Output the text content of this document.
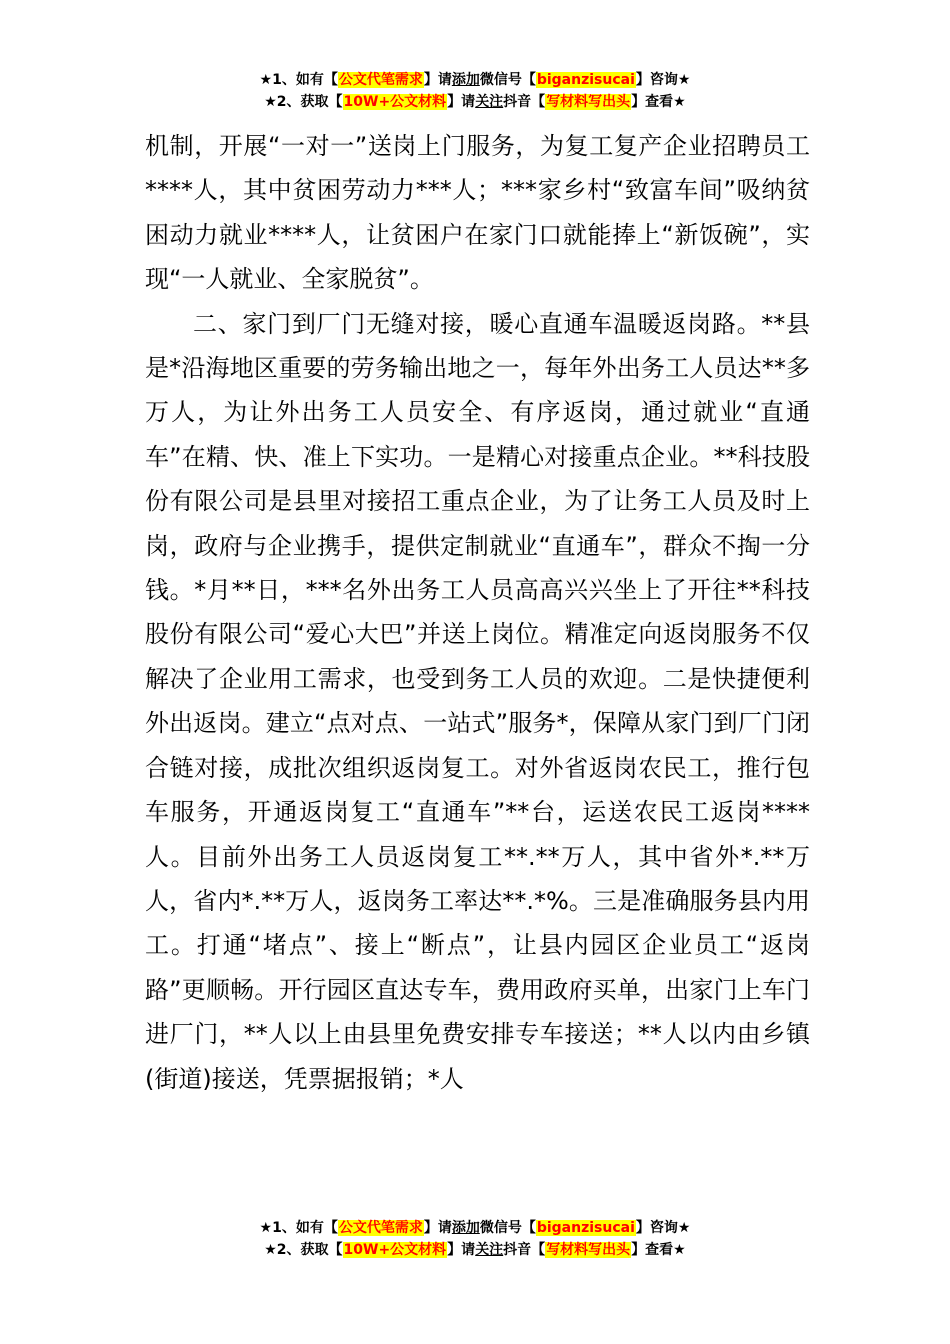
★1、如有【公文代笔需求】请添加微信号【biganzisucai】咨询★
★2、获取【10W+公文材料】请关注抖音【写材料写出头】查看★

机制，开展“一对一”送岗上门服务，为复工复产企业招聘员工****人，其中贫困劳动力***人；***家乡村“致富车间”吸纳贫困动力就业****人，让贫困户在家门口就能捧上“新饭碗”，实现“一人就业、全家脱贫”。

二、家门到厂门无缝对接，暖心直通车温暖返岗路。**县是*沿海地区重要的劳务输出地之一，每年外出务工人员达**多万人，为让外出务工人员安全、有序返岗，通过就业“直通车”在精、快、准上下实功。一是精心对接重点企业。**科技股份有限公司是县里对接招工重点企业，为了让务工人员及时上岗，政府与企业携手，提供定制就业“直通车”，群众不掏一分钱。*月**日，***名外出务工人员高高兴兴坐上了开往**科技股份有限公司“爱心大巴”并送上岗位。精准定向返岗服务不仅解决了企业用工需求，也受到务工人员的欢迎。二是快捷便利外出返岗。建立“点对点、一站式”服务*，保障从家门到厂门闭合链对接，成批次组织返岗复工。对外省返岗农民工，推行包车服务，开通返岗复工“直通车”**台，运送农民工返岗****人。目前外出务工人员返岗复工**.**万人，其中省外*.**万人，省内*.**万人，返岗务工率达**.*%。三是准确服务县内用工。打通“堵点”、接上“断点”，让县内园区企业员工“返岗路”更顺畅。开行园区直达专车，费用政府买单，出家门上车门进厂门，**人以上由县里免费安排专车接送；**人以内由乡镇(街道)接送，凭票据报销；*人

★1、如有【公文代笔需求】请添加微信号【biganzisucai】咨询★
★2、获取【10W+公文材料】请关注抖音【写材料写出头】查看★
